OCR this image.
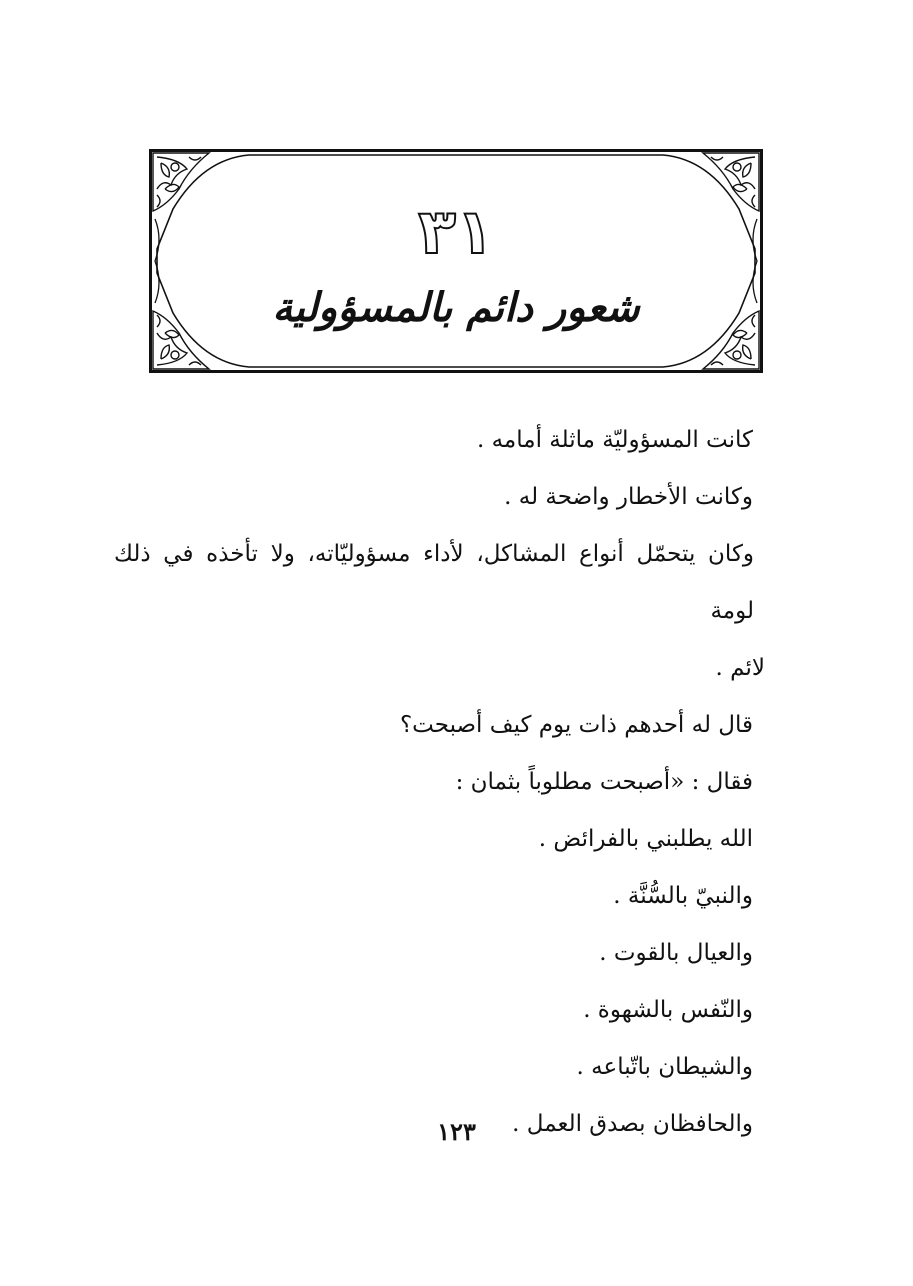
٣١
شعور دائم بالمسؤولية

كانت المسؤوليّة ماثلة أمامه .

وكانت الأخطار واضحة له .

وكان يتحمّل أنواع المشاكل، لأداء مسؤوليّاته، ولا تأخذه في ذلك لومة

لائم .

قال له أحدهم ذات يوم كيف أصبحت؟

فقال : «أصبحت مطلوباً بثمان :

الله يطلبني بالفرائض .

والنبيّ بالسُّنَّة .

والعيال بالقوت .

والنّفس بالشهوة .

والشيطان باتّباعه .

والحافظان بصدق العمل .

١٢٣
